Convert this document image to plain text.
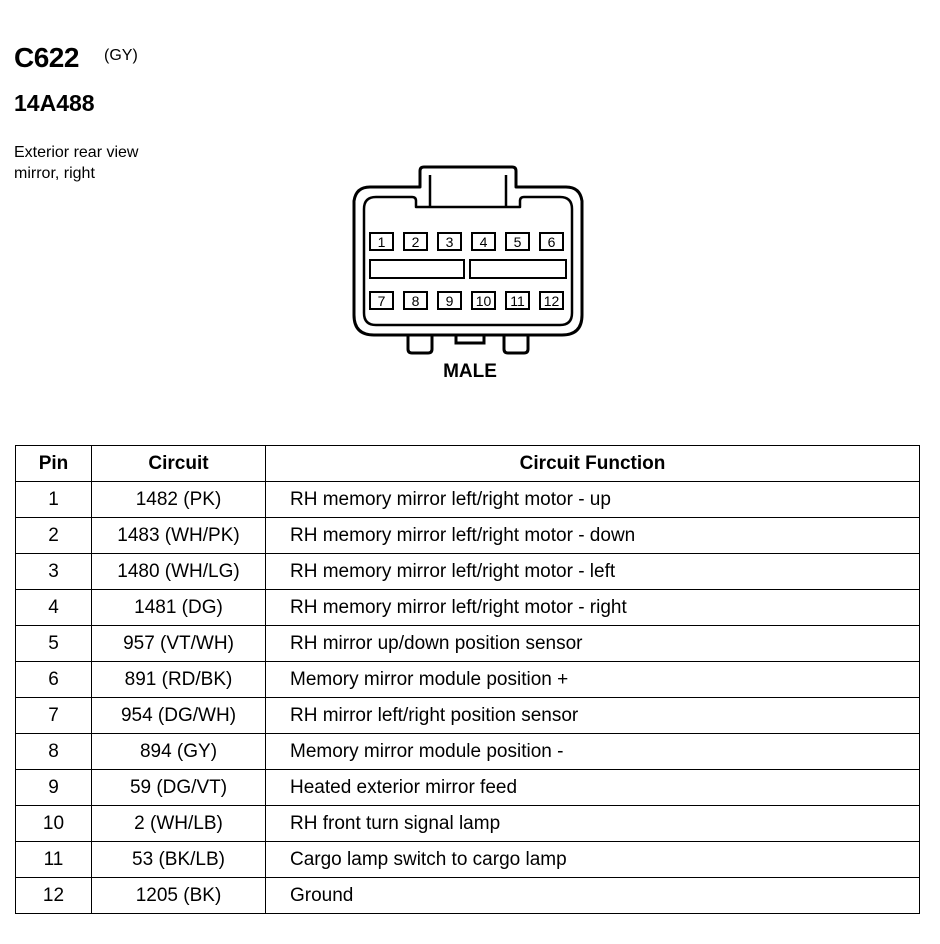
C622 (GY)
14A488
Exterior rear view
mirror, right
1 2 3 4 5 6
7 8 9 10 11 12
MALE
Pin	Circuit	Circuit Function
1	1482 (PK)	RH memory mirror left/right motor - up
2	1483 (WH/PK)	RH memory mirror left/right motor - down
3	1480 (WH/LG)	RH memory mirror left/right motor - left
4	1481 (DG)	RH memory mirror left/right motor - right
5	957 (VT/WH)	RH mirror up/down position sensor
6	891 (RD/BK)	Memory mirror module position +
7	954 (DG/WH)	RH mirror left/right position sensor
8	894 (GY)	Memory mirror module position -
9	59 (DG/VT)	Heated exterior mirror feed
10	2 (WH/LB)	RH front turn signal lamp
11	53 (BK/LB)	Cargo lamp switch to cargo lamp
12	1205 (BK)	Ground
